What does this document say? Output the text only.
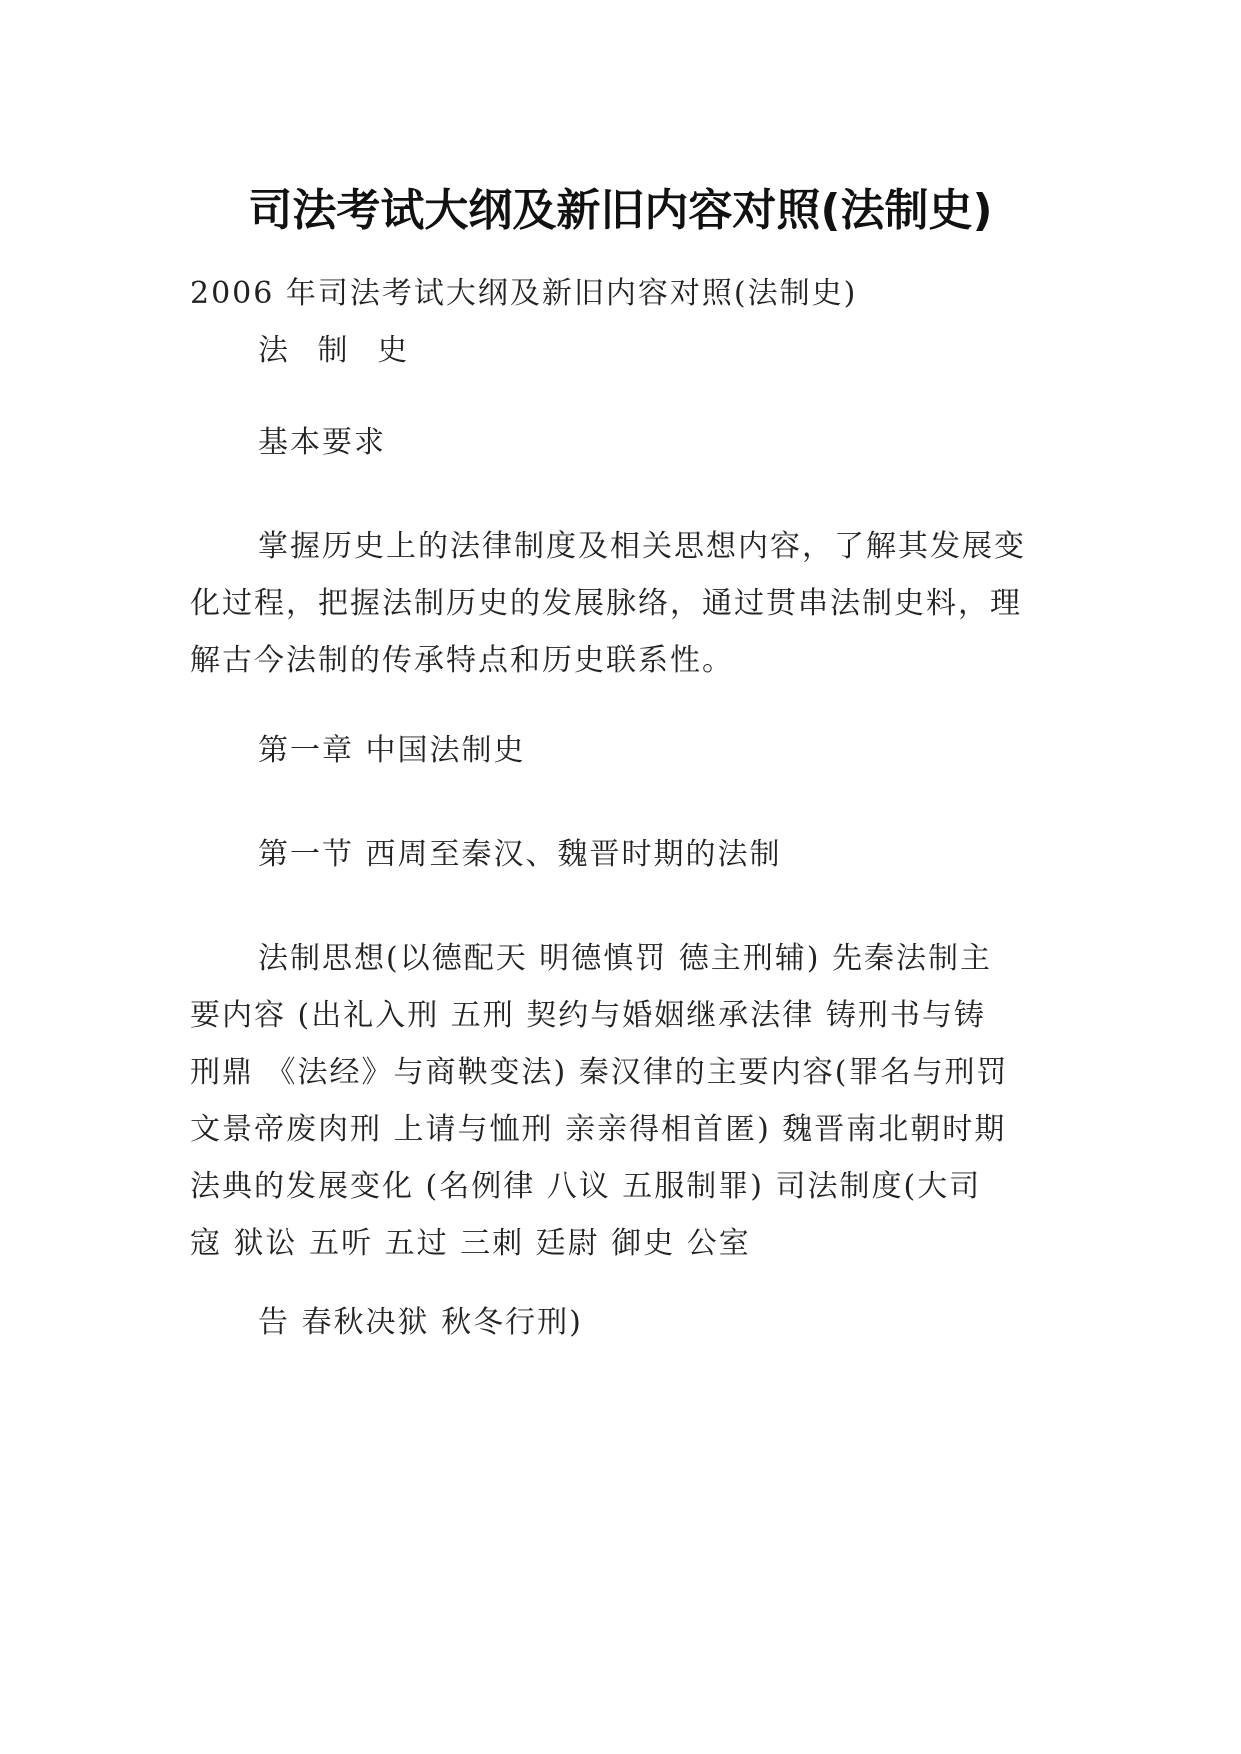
司法考试大纲及新旧内容对照(法制史)

2006 年司法考试大纲及新旧内容对照(法制史)

法 制 史

基本要求

掌握历史上的法律制度及相关思想内容，了解其发展变

化过程，把握法制历史的发展脉络，通过贯串法制史料，理

解古今法制的传承特点和历史联系性。

第一章 中国法制史

第一节 西周至秦汉、魏晋时期的法制

法制思想(以德配天 明德慎罚 德主刑辅) 先秦法制主

要内容 (出礼入刑 五刑 契约与婚姻继承法律 铸刑书与铸

刑鼎 《法经》与商鞅变法) 秦汉律的主要内容(罪名与刑罚

文景帝废肉刑 上请与恤刑 亲亲得相首匿) 魏晋南北朝时期

法典的发展变化 (名例律 八议 五服制罪) 司法制度(大司

寇 狱讼 五听 五过 三刺 廷尉 御史 公室

告 春秋决狱 秋冬行刑)
